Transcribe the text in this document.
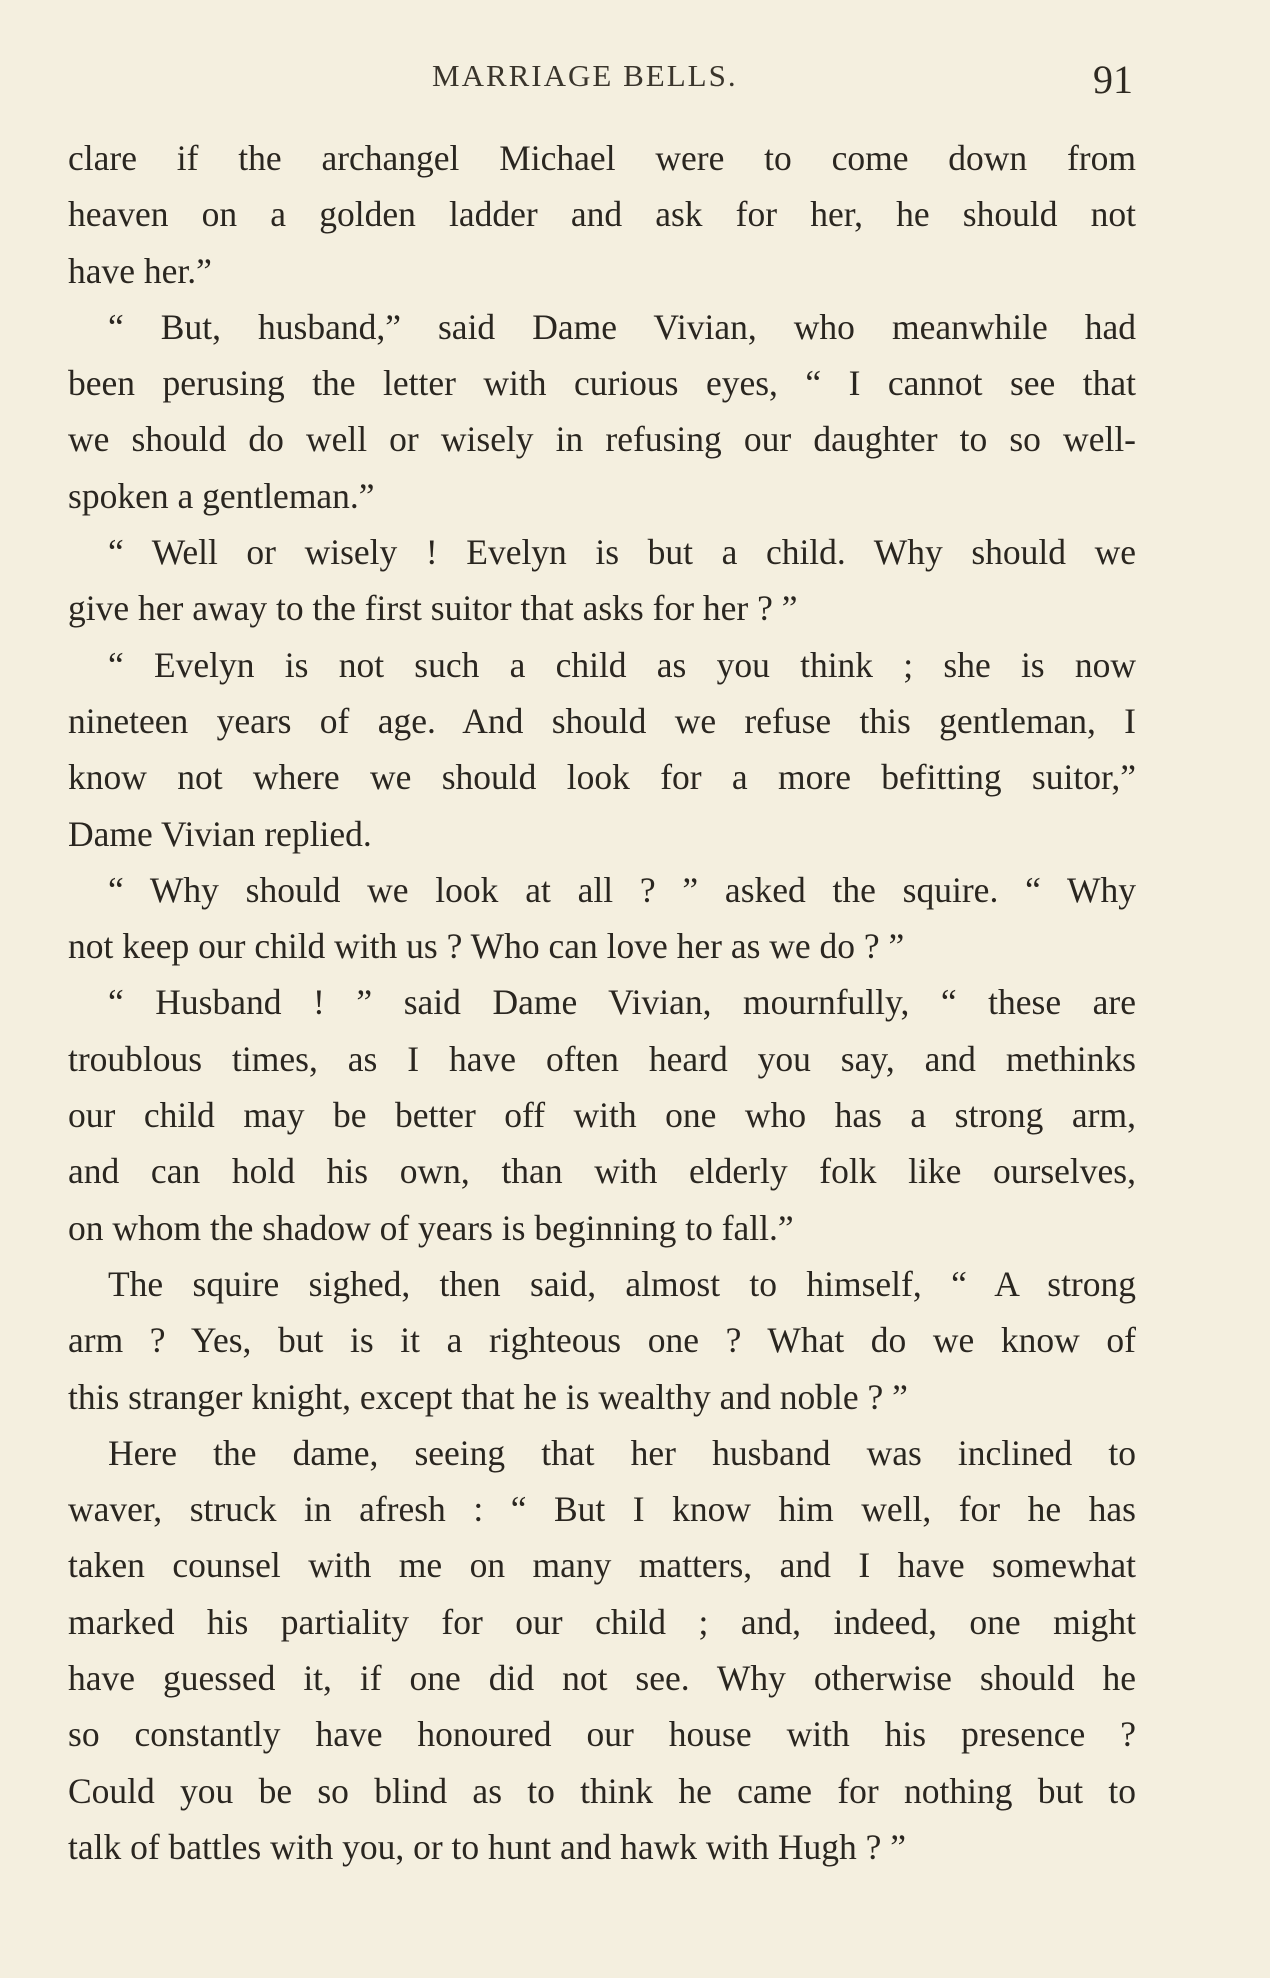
MARRIAGE BELLS.	91
clare if the archangel Michael were to come down from
heaven on a golden ladder and ask for her, he should not
have her.”
“ But, husband,” said Dame Vivian, who meanwhile had
been perusing the letter with curious eyes, “ I cannot see that
we should do well or wisely in refusing our daughter to so well-
spoken a gentleman.”
“ Well or wisely ! Evelyn is but a child. Why should we
give her away to the first suitor that asks for her ? ”
“ Evelyn is not such a child as you think ; she is now
nineteen years of age. And should we refuse this gentleman, I
know not where we should look for a more befitting suitor,”
Dame Vivian replied.
“ Why should we look at all ? ” asked the squire. “ Why
not keep our child with us ? Who can love her as we do ? ”
“ Husband ! ” said Dame Vivian, mournfully, “ these are
troublous times, as I have often heard you say, and methinks
our child may be better off with one who has a strong arm,
and can hold his own, than with elderly folk like ourselves,
on whom the shadow of years is beginning to fall.”
The squire sighed, then said, almost to himself, “ A strong
arm ? Yes, but is it a righteous one ? What do we know of
this stranger knight, except that he is wealthy and noble ? ”
Here the dame, seeing that her husband was inclined to
waver, struck in afresh : “ But I know him well, for he has
taken counsel with me on many matters, and I have somewhat
marked his partiality for our child ; and, indeed, one might
have guessed it, if one did not see. Why otherwise should he
so constantly have honoured our house with his presence ?
Could you be so blind as to think he came for nothing but to
talk of battles with you, or to hunt and hawk with Hugh ? ”
